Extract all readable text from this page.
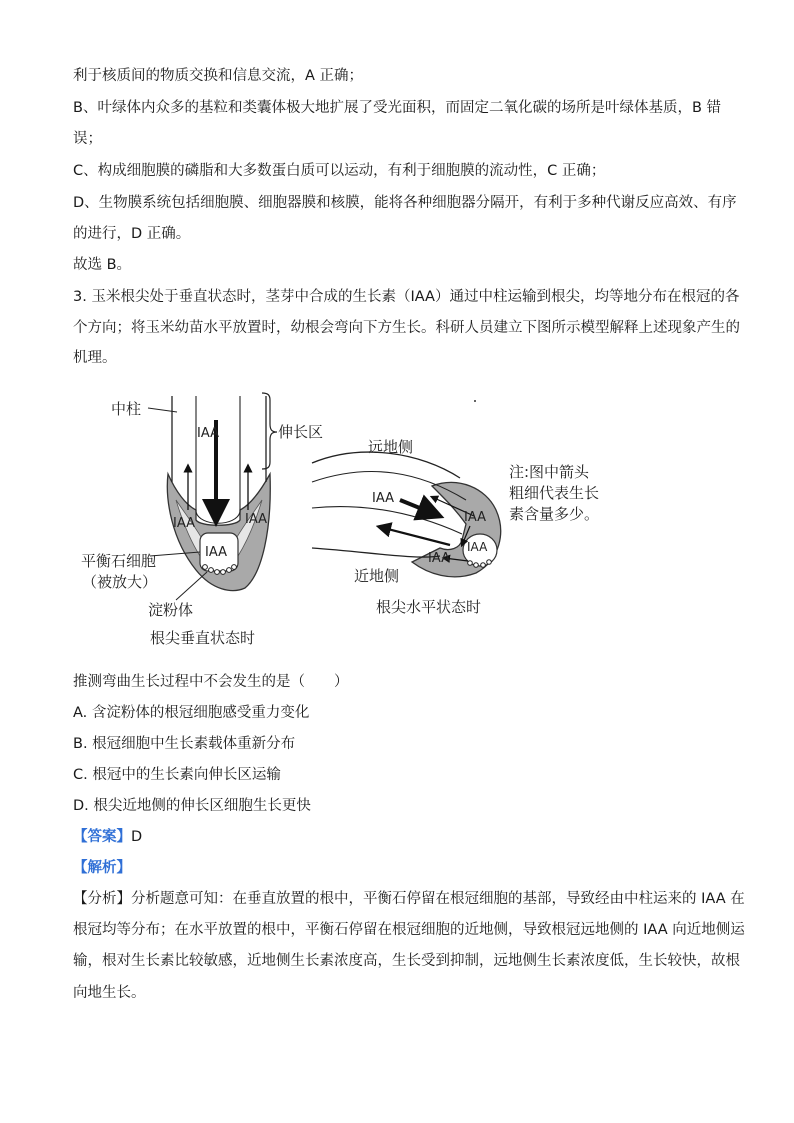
利于核质间的物质交换和信息交流，A 正确；
B、叶绿体内众多的基粒和类囊体极大地扩展了受光面积，而固定二氧化碳的场所是叶绿体基质，B 错
误；
C、构成细胞膜的磷脂和大多数蛋白质可以运动，有利于细胞膜的流动性，C 正确；
D、生物膜系统包括细胞膜、细胞器膜和核膜，能将各种细胞器分隔开，有利于多种代谢反应高效、有序
的进行，D 正确。
故选 B。
3. 玉米根尖处于垂直状态时，茎芽中合成的生长素（IAA）通过中柱运输到根尖，均等地分布在根冠的各
个方向；将玉米幼苗水平放置时，幼根会弯向下方生长。科研人员建立下图所示模型解释上述现象产生的
机理。
中柱
伸长区
IAA
IAA	IAA
IAA
平衡石细胞
（被放大）
淀粉体
根尖垂直状态时
远地侧
近地侧
IAA
IAA
IAA
IAA
根尖水平状态时
注:图中箭头
粗细代表生长
素含量多少。
推测弯曲生长过程中不会发生的是（　　）
A. 含淀粉体的根冠细胞感受重力变化
B. 根冠细胞中生长素载体重新分布
C. 根冠中的生长素向伸长区运输
D. 根尖近地侧的伸长区细胞生长更快
【答案】D
【解析】
【分析】分析题意可知：在垂直放置的根中，平衡石停留在根冠细胞的基部，导致经由中柱运来的 IAA 在
根冠均等分布；在水平放置的根中，平衡石停留在根冠细胞的近地侧，导致根冠远地侧的 IAA 向近地侧运
输，根对生长素比较敏感，近地侧生长素浓度高，生长受到抑制，远地侧生长素浓度低，生长较快，故根
向地生长。
